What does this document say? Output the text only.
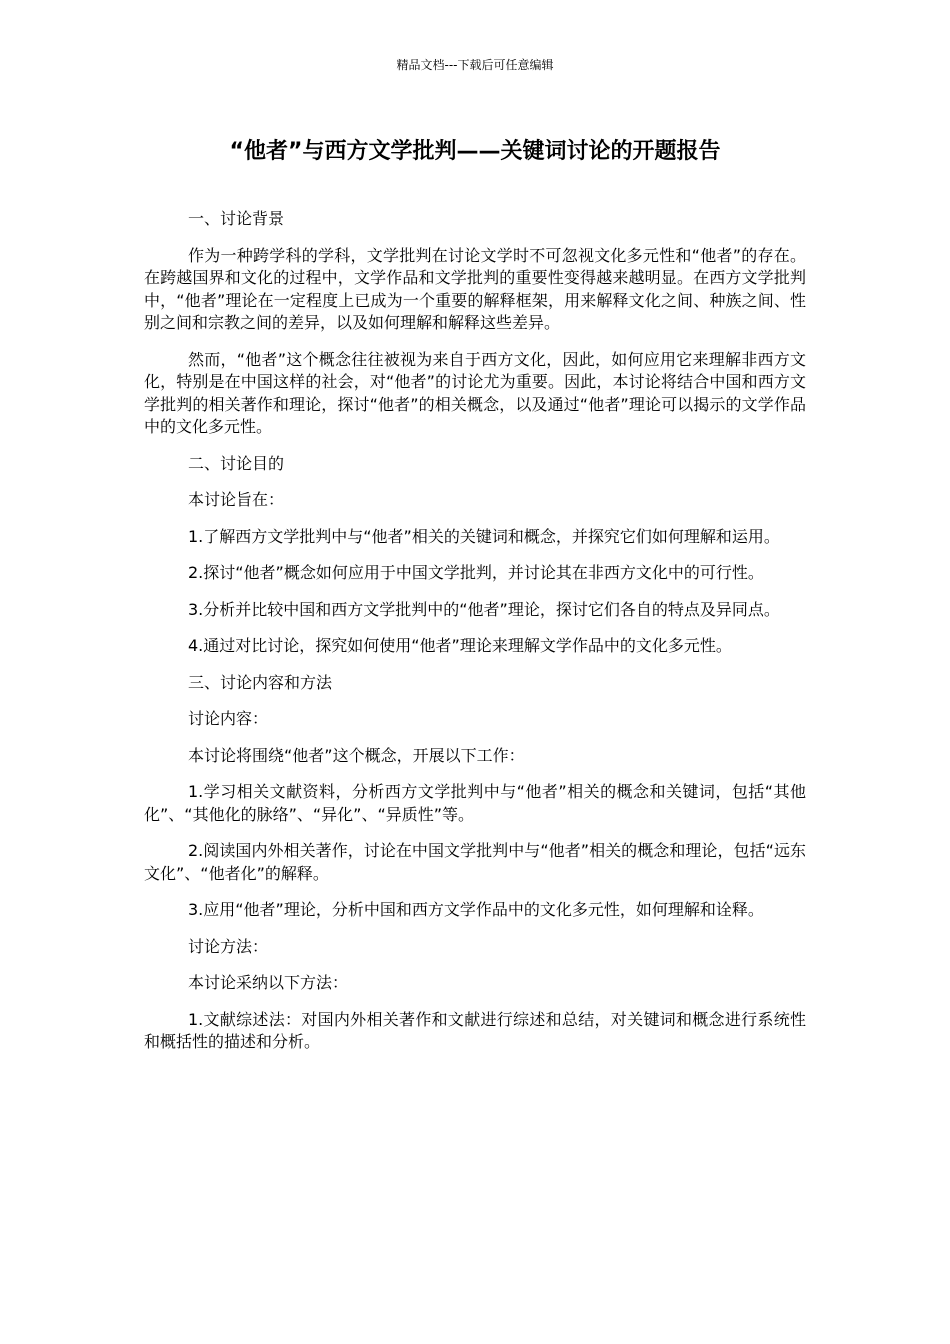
精品文档---下载后可任意编辑
“他者”与西方文学批判——关键词讨论的开题报告

一、讨论背景

作为一种跨学科的学科，文学批判在讨论文学时不可忽视文化多元性和“他者”的存在。在跨越国界和文化的过程中，文学作品和文学批判的重要性变得越来越明显。在西方文学批判中，“他者”理论在一定程度上已成为一个重要的解释框架，用来解释文化之间、种族之间、性别之间和宗教之间的差异，以及如何理解和解释这些差异。

然而，“他者”这个概念往往被视为来自于西方文化，因此，如何应用它来理解非西方文化，特别是在中国这样的社会，对“他者”的讨论尤为重要。因此，本讨论将结合中国和西方文学批判的相关著作和理论，探讨“他者”的相关概念，以及通过“他者”理论可以揭示的文学作品中的文化多元性。

二、讨论目的

本讨论旨在：

1.了解西方文学批判中与“他者”相关的关键词和概念，并探究它们如何理解和运用。

2.探讨“他者”概念如何应用于中国文学批判，并讨论其在非西方文化中的可行性。

3.分析并比较中国和西方文学批判中的“他者”理论，探讨它们各自的特点及异同点。

4.通过对比讨论，探究如何使用“他者”理论来理解文学作品中的文化多元性。

三、讨论内容和方法

讨论内容：

本讨论将围绕“他者”这个概念，开展以下工作：

1.学习相关文献资料，分析西方文学批判中与“他者”相关的概念和关键词，包括“其他化”、“其他化的脉络”、“异化”、“异质性”等。

2.阅读国内外相关著作，讨论在中国文学批判中与“他者”相关的概念和理论，包括“远东文化”、“他者化”的解释。

3.应用“他者”理论，分析中国和西方文学作品中的文化多元性，如何理解和诠释。

讨论方法：

本讨论采纳以下方法：

1.文献综述法：对国内外相关著作和文献进行综述和总结，对关键词和概念进行系统性和概括性的描述和分析。
